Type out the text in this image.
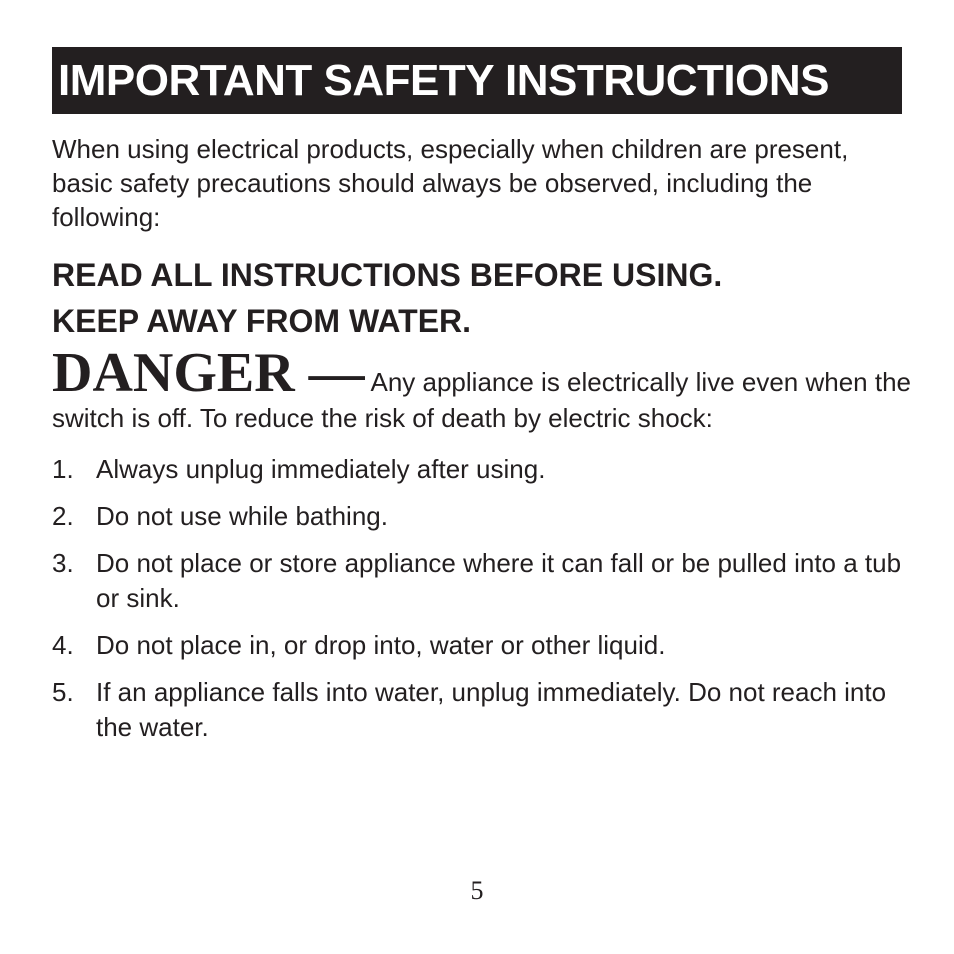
IMPORTANT SAFETY INSTRUCTIONS
When using electrical products, especially when children are present, basic safety precautions should always be observed, including the following:
READ ALL INSTRUCTIONS BEFORE USING.
KEEP AWAY FROM WATER.
DANGER — Any appliance is electrically live even when the switch is off. To reduce the risk of death by electric shock:
1. Always unplug immediately after using.
2. Do not use while bathing.
3. Do not place or store appliance where it can fall or be pulled into a tub or sink.
4. Do not place in, or drop into, water or other liquid.
5. If an appliance falls into water, unplug immediately. Do not reach into the water.
5
